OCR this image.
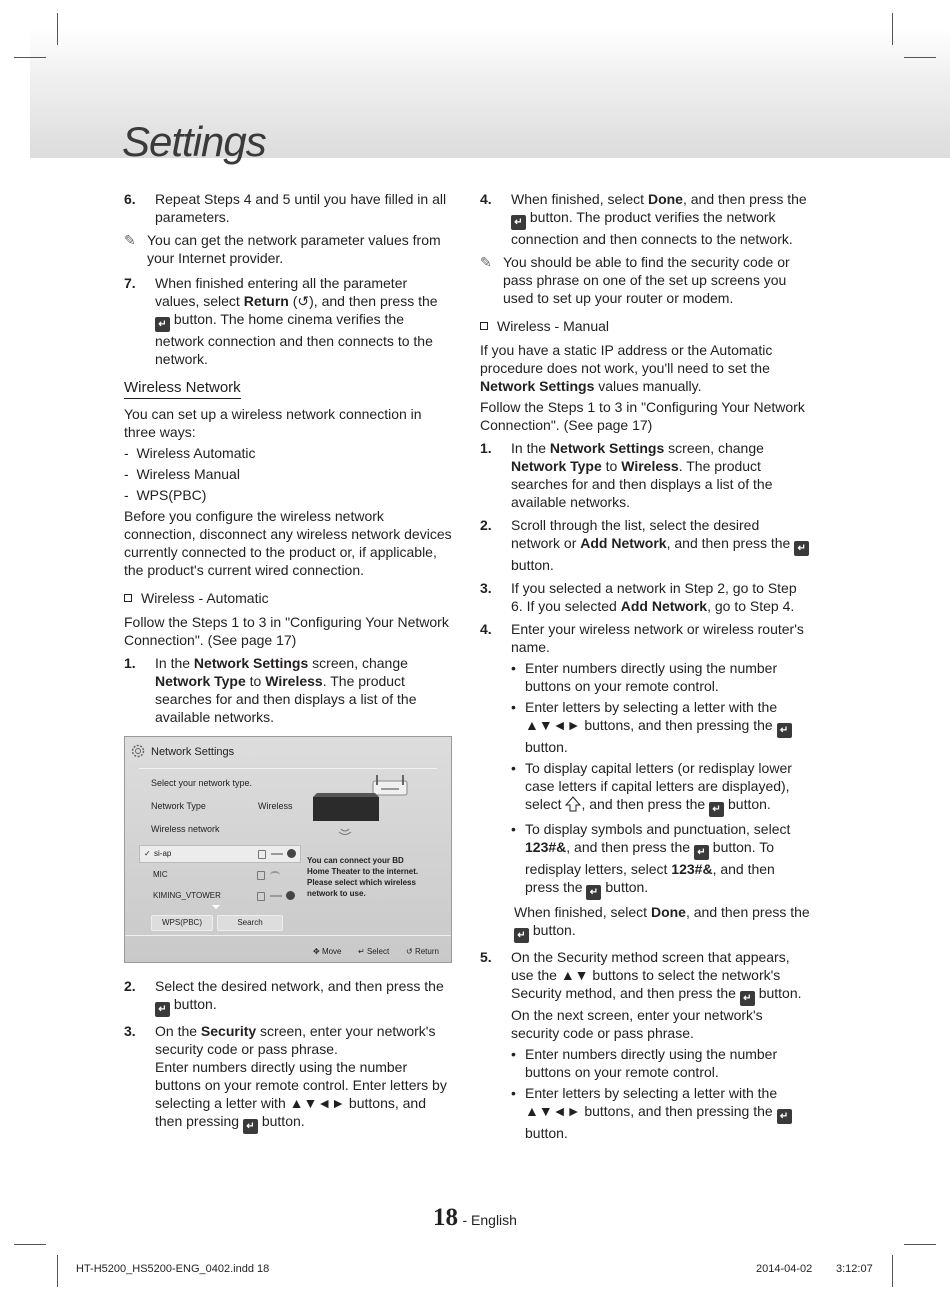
Settings
6. Repeat Steps 4 and 5 until you have filled in all parameters.
✎ You can get the network parameter values from your Internet provider.
7. When finished entering all the parameter values, select Return (↺), and then press the ↵ button. The home cinema verifies the network connection and then connects to the network.
Wireless Network
You can set up a wireless network connection in three ways:
-  Wireless Automatic
-  Wireless Manual
-  WPS(PBC)
Before you configure the wireless network connection, disconnect any wireless network devices currently connected to the product or, if applicable, the product's current wired connection.
Wireless - Automatic
Follow the Steps 1 to 3 in "Configuring Your Network Connection". (See page 17)
1. In the Network Settings screen, change Network Type to Wireless. The product searches for and then displays a list of the available networks.
Network Settings
Select your network type.
Network Type	Wireless
Wireless network
✓ si-ap
MIC
KIMING_VTOWER
WPS(PBC)	Search
You can connect your BD Home Theater to the internet. Please select which wireless network to use.
✥ Move ↵ Select ↺ Return
2. Select the desired network, and then press the ↵ button.
3. On the Security screen, enter your network's security code or pass phrase.
Enter numbers directly using the number buttons on your remote control. Enter letters by selecting a letter with ▲▼◄► buttons, and then pressing ↵ button.
4. When finished, select Done, and then press the
↵ button. The product verifies the network connection and then connects to the network.
✎ You should be able to find the security code or pass phrase on one of the set up screens you used to set up your router or modem.
Wireless - Manual
If you have a static IP address or the Automatic procedure does not work, you'll need to set the Network Settings values manually.
Follow the Steps 1 to 3 in "Configuring Your Network Connection". (See page 17)
1. In the Network Settings screen, change Network Type to Wireless. The product searches for and then displays a list of the available networks.
2. Scroll through the list, select the desired network or Add Network, and then press the ↵ button.
3. If you selected a network in Step 2, go to Step 6. If you selected Add Network, go to Step 4.
4. Enter your wireless network or wireless router's name.
• Enter numbers directly using the number buttons on your remote control.
• Enter letters by selecting a letter with the ▲▼◄► buttons, and then pressing the ↵ button.
• To display capital letters (or redisplay lower case letters if capital letters are displayed), select , and then press the ↵ button.
• To display symbols and punctuation, select 123#&, and then press the ↵ button. To redisplay letters, select 123#&, and then press the ↵ button.
When finished, select Done, and then press the
↵ button.
5. On the Security method screen that appears, use the ▲▼ buttons to select the network's Security method, and then press the ↵ button. On the next screen, enter your network's security code or pass phrase.
• Enter numbers directly using the number buttons on your remote control.
• Enter letters by selecting a letter with the ▲▼◄► buttons, and then pressing the ↵ button.
18 - English
HT-H5200_HS5200-ENG_0402.indd 18	2014-04-02 3:12:07
